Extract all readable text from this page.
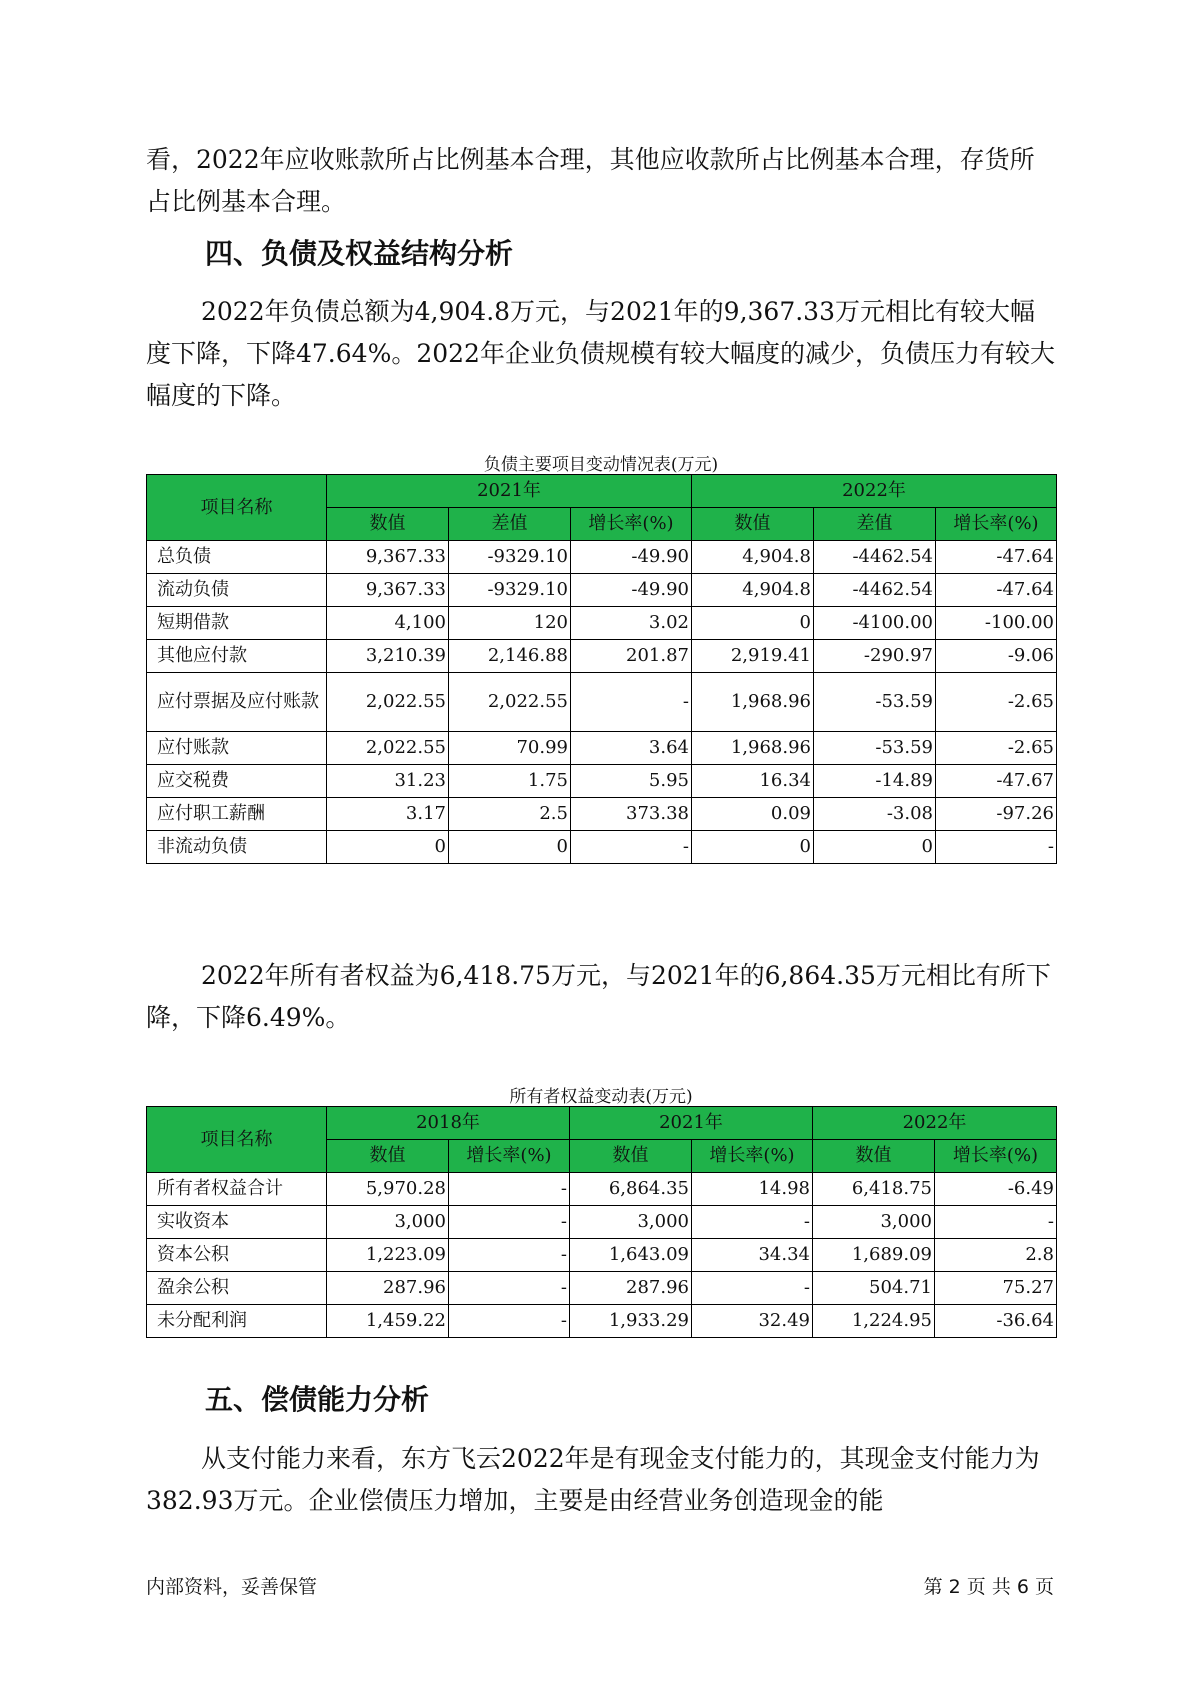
看，2022年应收账款所占比例基本合理，其他应收款所占比例基本合理，存货所占比例基本合理。

四、负债及权益结构分析

2022年负债总额为4,904.8万元，与2021年的9,367.33万元相比有较大幅度下降，下降47.64%。2022年企业负债规模有较大幅度的减少，负债压力有较大幅度的下降。

负债主要项目变动情况表(万元)

项目名称	2021年			2022年		
	数值	差值	增长率(%)	数值	差值	增长率(%)
总负债	9,367.33	-9329.10	-49.90	4,904.8	-4462.54	-47.64
流动负债	9,367.33	-9329.10	-49.90	4,904.8	-4462.54	-47.64
短期借款	4,100	120	3.02	0	-4100.00	-100.00
其他应付款	3,210.39	2,146.88	201.87	2,919.41	-290.97	-9.06
应付票据及应付账款	2,022.55	2,022.55	-	1,968.96	-53.59	-2.65
应付账款	2,022.55	70.99	3.64	1,968.96	-53.59	-2.65
应交税费	31.23	1.75	5.95	16.34	-14.89	-47.67
应付职工薪酬	3.17	2.5	373.38	0.09	-3.08	-97.26
非流动负债	0	0	-	0	0	-

2022年所有者权益为6,418.75万元，与2021年的6,864.35万元相比有所下降，下降6.49%。

所有者权益变动表(万元)

项目名称	2018年		2021年		2022年	
	数值	增长率(%)	数值	增长率(%)	数值	增长率(%)
所有者权益合计	5,970.28	-	6,864.35	14.98	6,418.75	-6.49
实收资本	3,000	-	3,000	-	3,000	-
资本公积	1,223.09	-	1,643.09	34.34	1,689.09	2.8
盈余公积	287.96	-	287.96	-	504.71	75.27
未分配利润	1,459.22	-	1,933.29	32.49	1,224.95	-36.64
五、偿债能力分析

从支付能力来看，东方飞云2022年是有现金支付能力的，其现金支付能力为382.93万元。企业偿债压力增加，主要是由经营业务创造现金的能

内部资料，妥善保管	第 2 页 共 6 页
